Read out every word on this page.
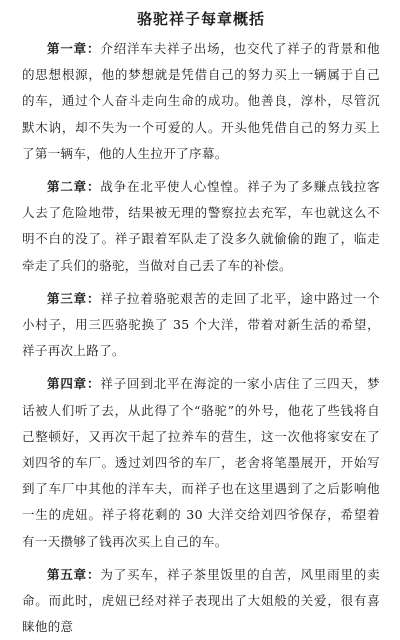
骆驼祥子每章概括

第一章：介绍洋车夫祥子出场，也交代了祥子的背景和他的思想根源，他的梦想就是凭借自己的努力买上一辆属于自己的车，通过个人奋斗走向生命的成功。他善良，淳朴，尽管沉默木讷，却不失为一个可爱的人。开头他凭借自己的努力买上了第一辆车，他的人生拉开了序幕。

第二章：战争在北平使人心惶惶。祥子为了多赚点钱拉客人去了危险地带，结果被无理的警察拉去充军，车也就这么不明不白的没了。祥子跟着军队走了没多久就偷偷的跑了，临走牵走了兵们的骆驼，当做对自己丢了车的补偿。

第三章：祥子拉着骆驼艰苦的走回了北平，途中路过一个小村子，用三匹骆驼换了 35 个大洋，带着对新生活的希望，祥子再次上路了。

第四章：祥子回到北平在海淀的一家小店住了三四天，梦话被人们听了去，从此得了个“骆驼”的外号，他花了些钱将自己整顿好，又再次干起了拉养车的营生，这一次他将家安在了刘四爷的车厂。透过刘四爷的车厂，老舍将笔墨展开，开始写到了车厂中其他的洋车夫，而祥子也在这里遇到了之后影响他一生的虎妞。祥子将花剩的 30 大洋交给刘四爷保存，希望着有一天攒够了钱再次买上自己的车。

第五章：为了买车，祥子茶里饭里的自苦，风里雨里的卖命。而此时，虎妞已经对祥子表现出了大姐般的关爱，很有喜睐他的意
